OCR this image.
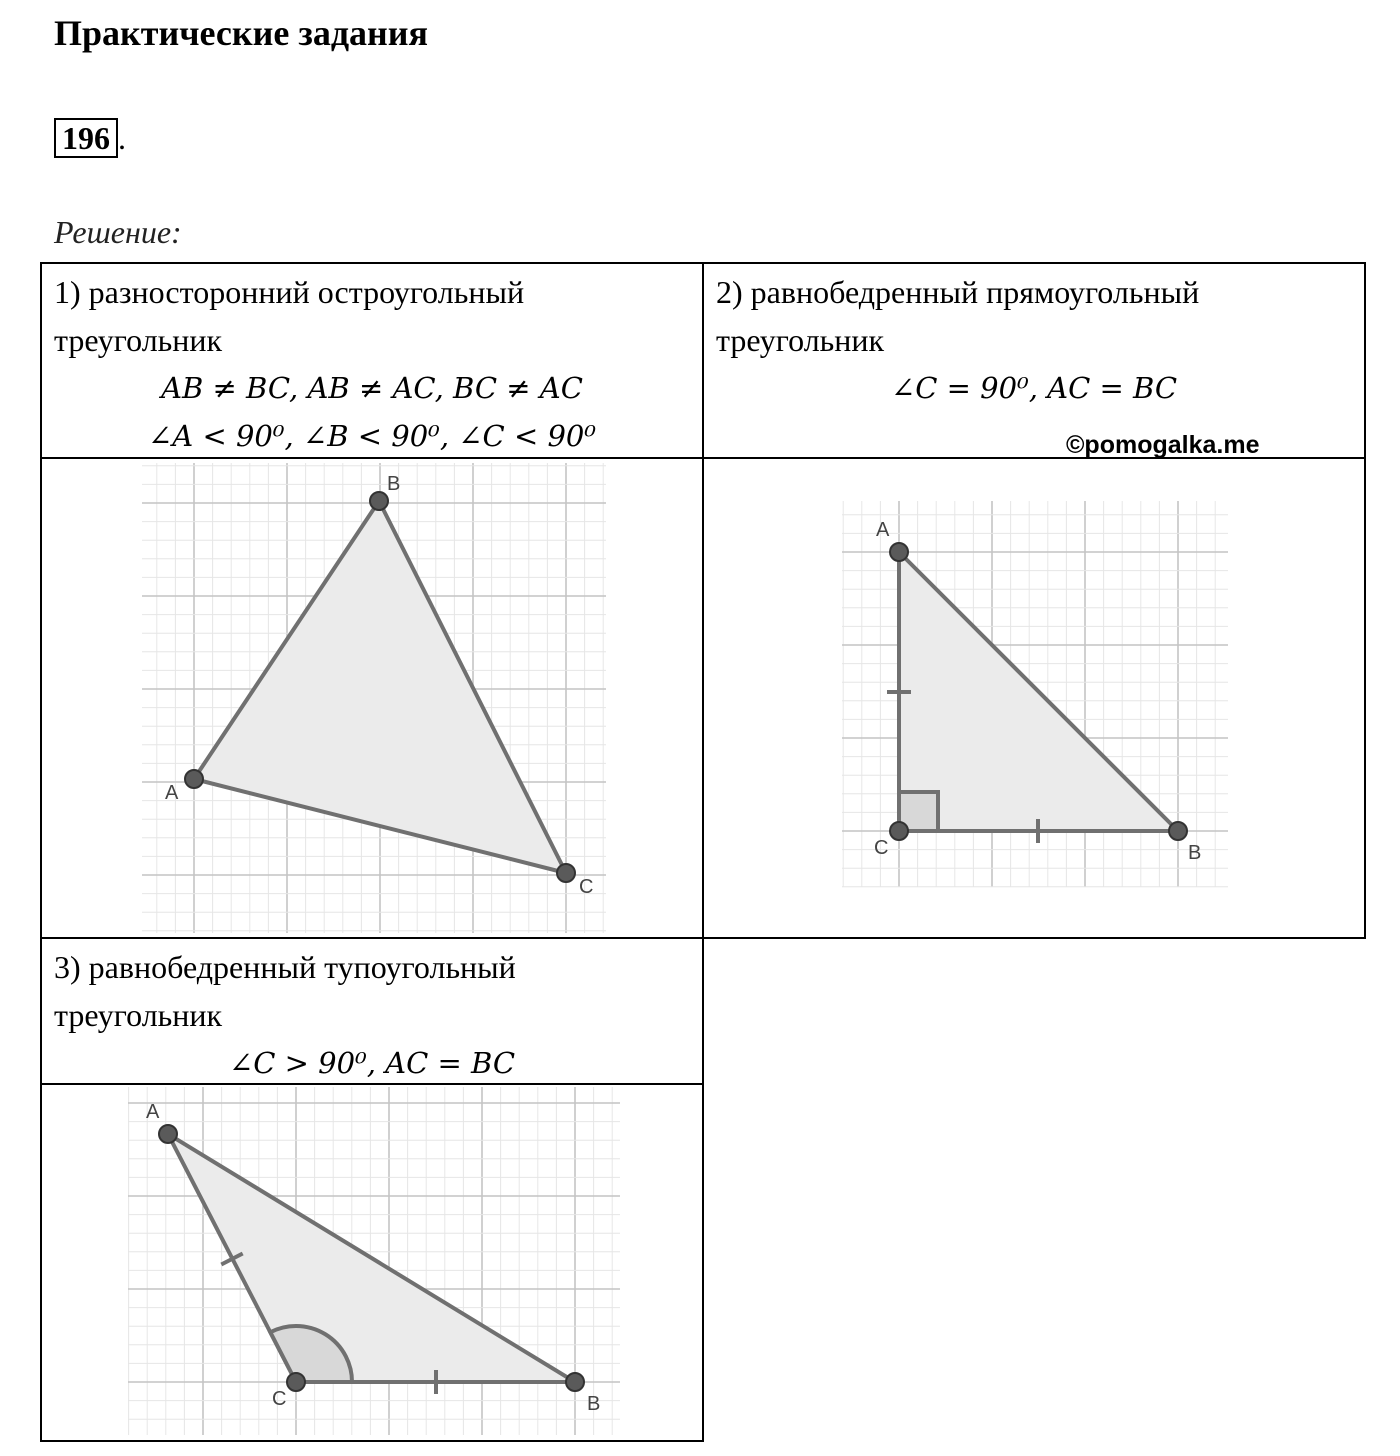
Практические задания
196 .
Решение:

1) разносторонний остроугольный

треугольник

AB ≠ BC, AB ≠ AC, BC ≠ AC
∠A < 90⁰, ∠B < 90⁰, ∠C < 90⁰

2) равнобедренный прямоугольный

треугольник

∠C = 90⁰, AC = BC
B
A
C
A
C	B
©pomogalka.me

3) равнобедренный тупоугольный

треугольник

∠C > 90⁰, AC = BC
A
C	B
